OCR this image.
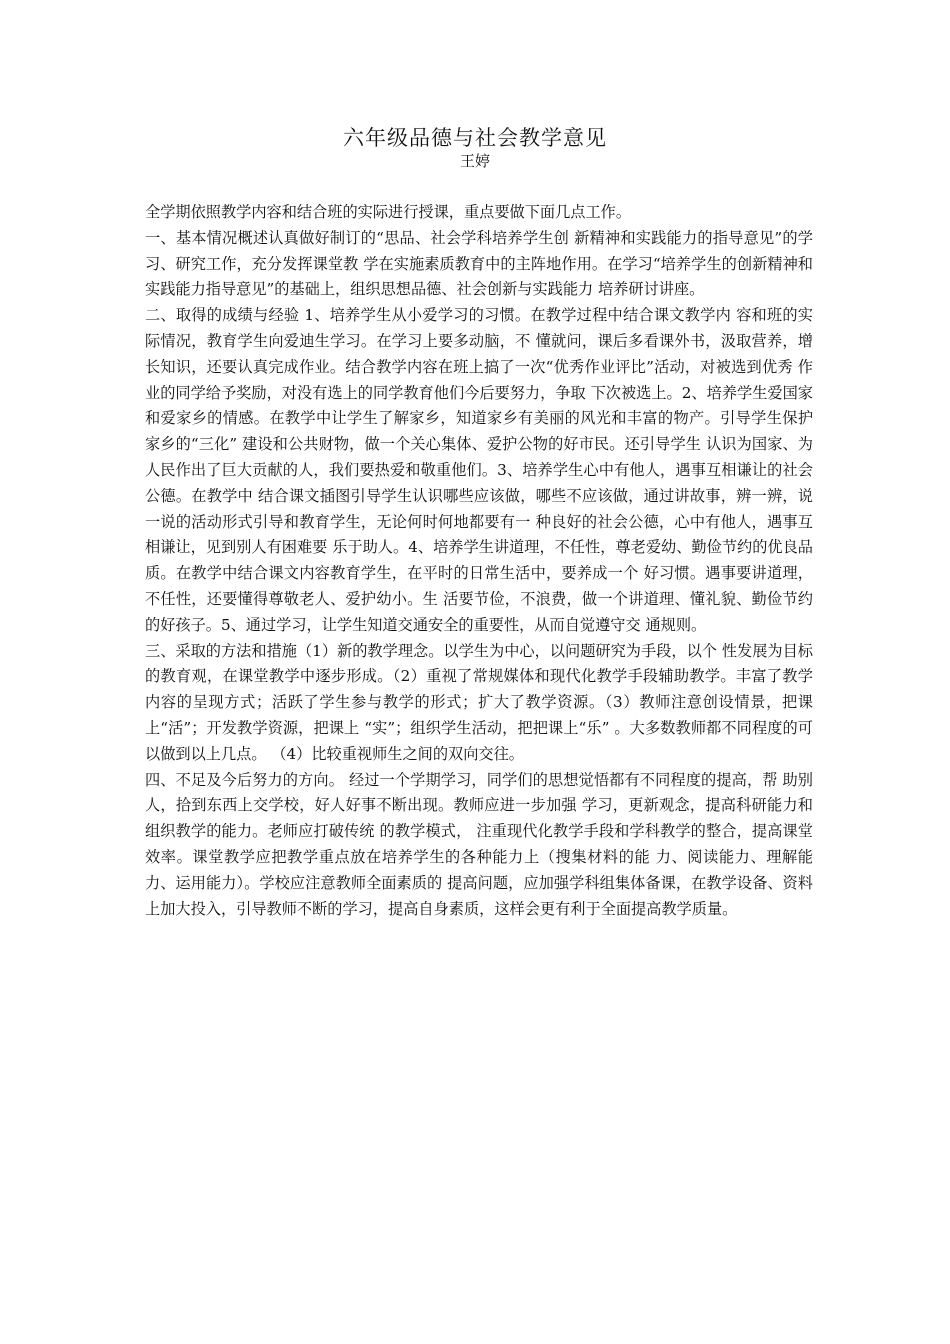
六年级品德与社会教学意见
王婷

全学期依照教学内容和结合班的实际进行授课，重点要做下面几点工作。

一、基本情况概述认真做好制订的“思品、社会学科培养学生创 新精神和实践能力的指导意见”的学习、研究工作，充分发挥课堂教 学在实施素质教育中的主阵地作用。在学习“培养学生的创新精神和 实践能力指导意见”的基础上，组织思想品德、社会创新与实践能力 培养研讨讲座。

二、取得的成绩与经验 1、培养学生从小爱学习的习惯。在教学过程中结合课文教学内 容和班的实际情况，教育学生向爱迪生学习。在学习上要多动脑，不 懂就问，课后多看课外书，汲取营养，增长知识，还要认真完成作业。结合教学内容在班上搞了一次“优秀作业评比”活动，对被选到优秀 作业的同学给予奖励，对没有选上的同学教育他们今后要努力，争取 下次被选上。2、培养学生爱国家和爱家乡的情感。在教学中让学生了解家乡，知道家乡有美丽的风光和丰富的物产。引导学生保护家乡的“三化” 建设和公共财物，做一个关心集体、爱护公物的好市民。还引导学生 认识为国家、为人民作出了巨大贡献的人，我们要热爱和敬重他们。3、培养学生心中有他人，遇事互相谦让的社会公德。在教学中 结合课文插图引导学生认识哪些应该做，哪些不应该做，通过讲故事，辨一辨，说一说的活动形式引导和教育学生，无论何时何地都要有一 种良好的社会公德，心中有他人，遇事互相谦让，见到别人有困难要 乐于助人。4、培养学生讲道理，不任性，尊老爱幼、勤俭节约的优良品质。在教学中结合课文内容教育学生，在平时的日常生活中，要养成一个 好习惯。遇事要讲道理，不任性，还要懂得尊敬老人、爱护幼小。生 活要节俭，不浪费，做一个讲道理、懂礼貌、勤俭节约的好孩子。5、通过学习，让学生知道交通安全的重要性，从而自觉遵守交 通规则。

三、采取的方法和措施（1）新的教学理念。以学生为中心，以问题研究为手段，以个 性发展为目标的教育观，在课堂教学中逐步形成。（2）重视了常规媒体和现代化教学手段辅助教学。丰富了教学 内容的呈现方式；活跃了学生参与教学的形式；扩大了教学资源。（3）教师注意创设情景，把课上“活”；开发教学资源，把课上 “实”；组织学生活动，把把课上“乐” 。大多数教师都不同程度的可 以做到以上几点。 （4）比较重视师生之间的双向交往。

四、不足及今后努力的方向。 经过一个学期学习，同学们的思想觉悟都有不同程度的提高，帮 助别人，拾到东西上交学校，好人好事不断出现。教师应进一步加强 学习，更新观念，提高科研能力和组织教学的能力。老师应打破传统 的教学模式， 注重现代化教学手段和学科教学的整合，提高课堂效率。课堂教学应把教学重点放在培养学生的各种能力上（搜集材料的能 力、阅读能力、理解能力、运用能力）。学校应注意教师全面素质的 提高问题，应加强学科组集体备课，在教学设备、资料上加大投入，引导教师不断的学习，提高自身素质，这样会更有利于全面提高教学质量。
